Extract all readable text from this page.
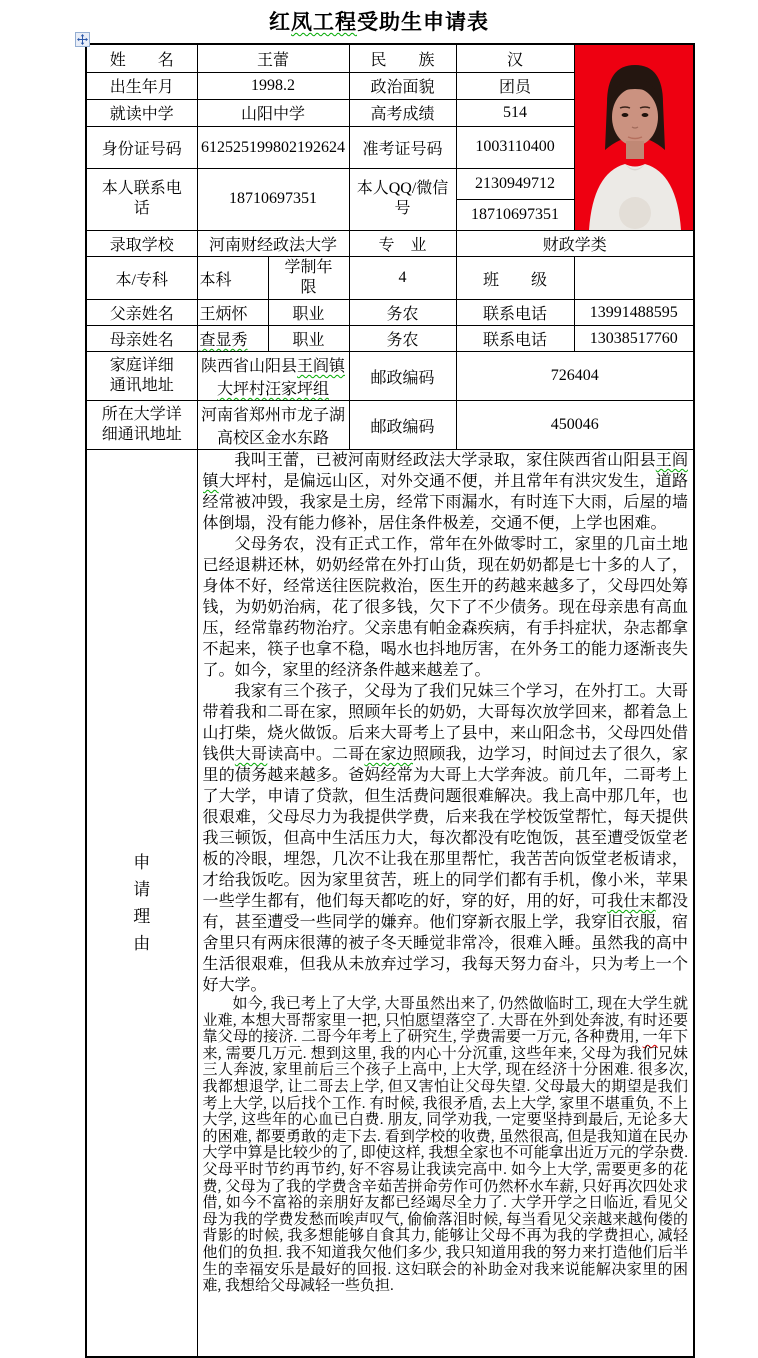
红凤工程受助生申请表
姓　　名	王蕾		民　　族	汉	

出生年月	1998.2		政治面貌	团员	
就读中学	山阳中学		高考成绩	514	
身份证号码	612525199802192624		准考证号码	1003110400	
本人联系电话	18710697351		本人QQ/微信号	2130949712	
				18710697351	
录取学校	河南财经政法大学		专　业	财政学类	
本/专科	本科	学制年限	4	班　　级	
父亲姓名	王炳怀	职业	务农	联系电话	13991488595
母亲姓名	查显秀	职业	务农	联系电话	13038517760
家庭详细通讯地址	陕西省山阳县王阎镇大坪村汪家坪组		邮政编码	726404	
所在大学详细通讯地址	河南省郑州市龙子湖高校区金水东路		邮政编码	450046	

申请理由	我叫王蕾，已被河南财经政法大学录取，家住陕西省山阳县王阎镇大坪村，是偏远山区，对外交通不便，并且常年有洪灾发生，道路经常被冲毁，我家是土房，经常下雨漏水，有时连下大雨，后屋的墙体倒塌，没有能力修补，居住条件极差，交通不便，上学也困难。

父母务农，没有正式工作，常年在外做零时工，家里的几亩土地已经退耕还林，奶奶经常在外打山货，现在奶奶都是七十多的人了，身体不好，经常送往医院救治，医生开的药越来越多了，父母四处筹钱，为奶奶治病，花了很多钱，欠下了不少债务。现在母亲患有高血压，经常靠药物治疗。父亲患有帕金森疾病，有手抖症状，杂志都拿不起来，筷子也拿不稳，喝水也抖地厉害，在外务工的能力逐渐丧失了。如今，家里的经济条件越来越差了。

我家有三个孩子，父母为了我们兄妹三个学习，在外打工。大哥带着我和二哥在家，照顾年长的奶奶，大哥每次放学回来，都着急上山打柴，烧火做饭。后来大哥考上了县中，来山阳念书，父母四处借钱供大哥读高中。二哥在家边照顾我，边学习，时间过去了很久，家里的债务越来越多。爸妈经常为大哥上大学奔波。前几年，二哥考上了大学，申请了贷款，但生活费问题很难解决。我上高中那几年，也很艰难，父母尽力为我提供学费，后来我在学校饭堂帮忙，每天提供我三顿饭，但高中生活压力大，每次都没有吃饱饭，甚至遭受饭堂老板的冷眼，埋怨，几次不让我在那里帮忙，我苦苦向饭堂老板请求，才给我饭吃。因为家里贫苦，班上的同学们都有手机，像小米，苹果一些学生都有，他们每天都吃的好，穿的好，用的好，可我仕末都没有，甚至遭受一些同学的嫌弃。他们穿新衣服上学，我穿旧衣服，宿舍里只有两床很薄的被子冬天睡觉非常冷，很难入睡。虽然我的高中生活很艰难，但我从未放弃过学习，我每天努力奋斗，只为考上一个好大学。

如今, 我已考上了大学, 大哥虽然出来了, 仍然做临时工, 现在大学生就业难, 本想大哥帮家里一把, 只怕愿望落空了. 大哥在外到处奔波, 有时还要靠父母的接济. 二哥今年考上了研究生, 学费需要一万元, 各种费用, 一年下来, 需要几万元. 想到这里, 我的内心十分沉重, 这些年来, 父母为我们兄妹三人奔波, 家里前后三个孩子上高中, 上大学, 现在经济十分困难. 很多次, 我都想退学, 让二哥去上学, 但又害怕让父母失望. 父母最大的期望是我们考上大学, 以后找个工作. 有时候, 我很矛盾, 去上大学, 家里不堪重负, 不上大学, 这些年的心血已白费. 朋友, 同学劝我, 一定要坚持到最后, 无论多大的困难, 都要勇敢的走下去. 看到学校的收费, 虽然很高, 但是我知道在民办大学中算是比较少的了, 即使这样, 我想全家也不可能拿出近万元的学杂费. 父母平时节约再节约, 好不容易让我读完高中. 如今上大学, 需要更多的花费, 父母为了我的学费含辛茹苦拼命劳作可仍然杯水车薪, 只好再次四处求借, 如今不富裕的亲朋好友都已经竭尽全力了. 大学开学之日临近, 看见父母为我的学费发愁而唉声叹气, 偷偷落泪时候, 每当看见父亲越来越佝偻的背影的时候, 我多想能够自食其力, 能够让父母不再为我的学费担心, 减轻他们的负担. 我不知道我欠他们多少, 我只知道用我的努力来打造他们后半生的幸福安乐是最好的回报. 这妇联会的补助金对我来说能解决家里的困难, 我想给父母减轻一些负担.				
